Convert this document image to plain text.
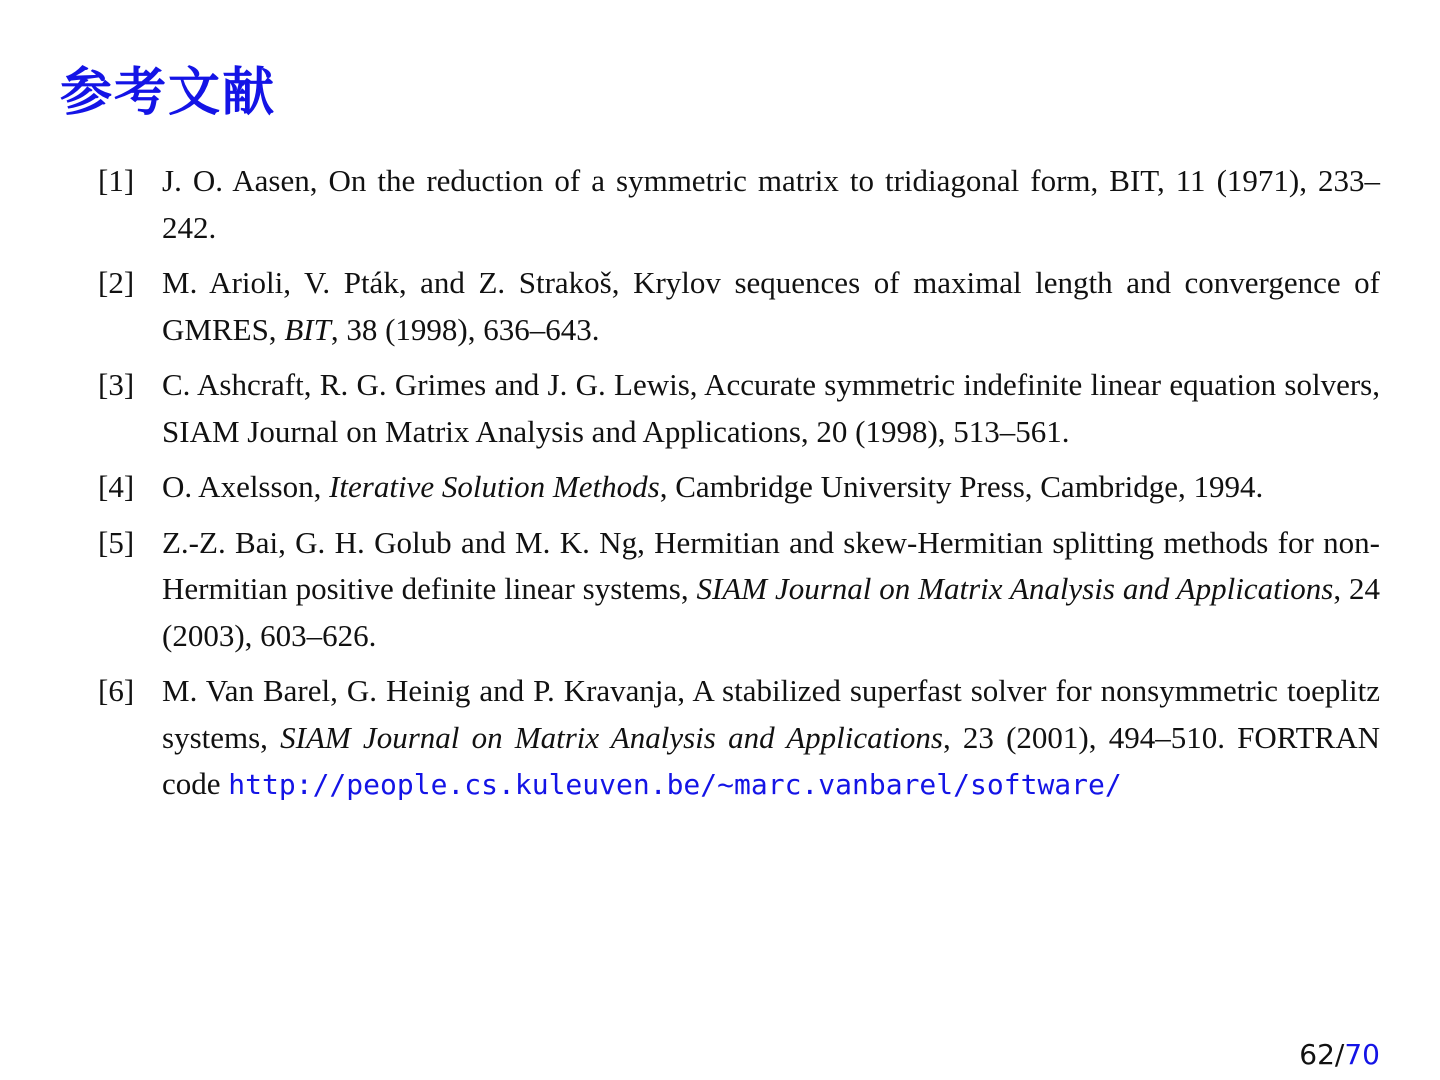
参考文献
[1] J. O. Aasen, On the reduction of a symmetric matrix to tridiagonal form, BIT, 11 (1971), 233–242.
[2] M. Arioli, V. Pták, and Z. Strakoš, Krylov sequences of maximal length and convergence of GMRES, BIT, 38 (1998), 636–643.
[3] C. Ashcraft, R. G. Grimes and J. G. Lewis, Accurate symmetric indefinite linear equation solvers, SIAM Journal on Matrix Analysis and Applications, 20 (1998), 513–561.
[4] O. Axelsson, Iterative Solution Methods, Cambridge University Press, Cambridge, 1994.
[5] Z.-Z. Bai, G. H. Golub and M. K. Ng, Hermitian and skew-Hermitian splitting methods for non-Hermitian positive definite linear systems, SIAM Journal on Matrix Analysis and Applications, 24 (2003), 603–626.
[6] M. Van Barel, G. Heinig and P. Kravanja, A stabilized superfast solver for nonsymmetric toeplitz systems, SIAM Journal on Matrix Analysis and Applications, 23 (2001), 494–510. FORTRAN code http://people.cs.kuleuven.be/~marc.vanbarel/software/
62/70
